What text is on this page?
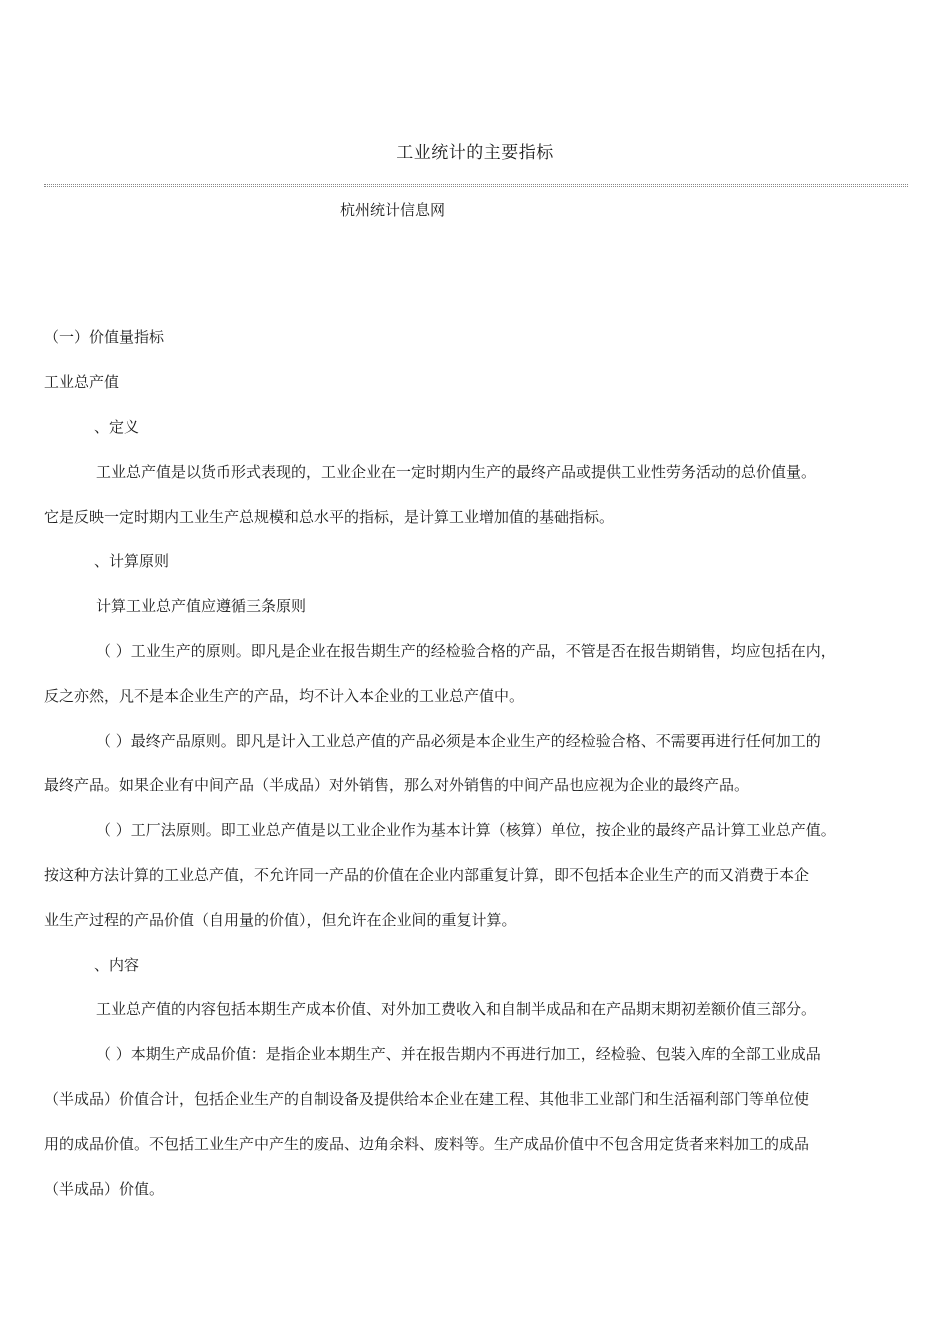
工业统计的主要指标
杭州统计信息网
（一）价值量指标
工业总产值
、定义
工业总产值是以货币形式表现的，工业企业在一定时期内生产的最终产品或提供工业性劳务活动的总价值量。
它是反映一定时期内工业生产总规模和总水平的指标，是计算工业增加值的基础指标。
、计算原则
计算工业总产值应遵循三条原则
（ ）工业生产的原则。即凡是企业在报告期生产的经检验合格的产品，不管是否在报告期销售，均应包括在内，
反之亦然，凡不是本企业生产的产品，均不计入本企业的工业总产值中。
（ ）最终产品原则。即凡是计入工业总产值的产品必须是本企业生产的经检验合格、不需要再进行任何加工的
最终产品。如果企业有中间产品（半成品）对外销售，那么对外销售的中间产品也应视为企业的最终产品。
（ ）工厂法原则。即工业总产值是以工业企业作为基本计算（核算）单位，按企业的最终产品计算工业总产值。
按这种方法计算的工业总产值，不允许同一产品的价值在企业内部重复计算，即不包括本企业生产的而又消费于本企
业生产过程的产品价值（自用量的价值），但允许在企业间的重复计算。
、内容
工业总产值的内容包括本期生产成本价值、对外加工费收入和自制半成品和在产品期末期初差额价值三部分。
（ ）本期生产成品价值：是指企业本期生产、并在报告期内不再进行加工，经检验、包装入库的全部工业成品
（半成品）价值合计，包括企业生产的自制设备及提供给本企业在建工程、其他非工业部门和生活福利部门等单位使
用的成品价值。不包括工业生产中产生的废品、边角余料、废料等。生产成品价值中不包含用定货者来料加工的成品
（半成品）价值。
